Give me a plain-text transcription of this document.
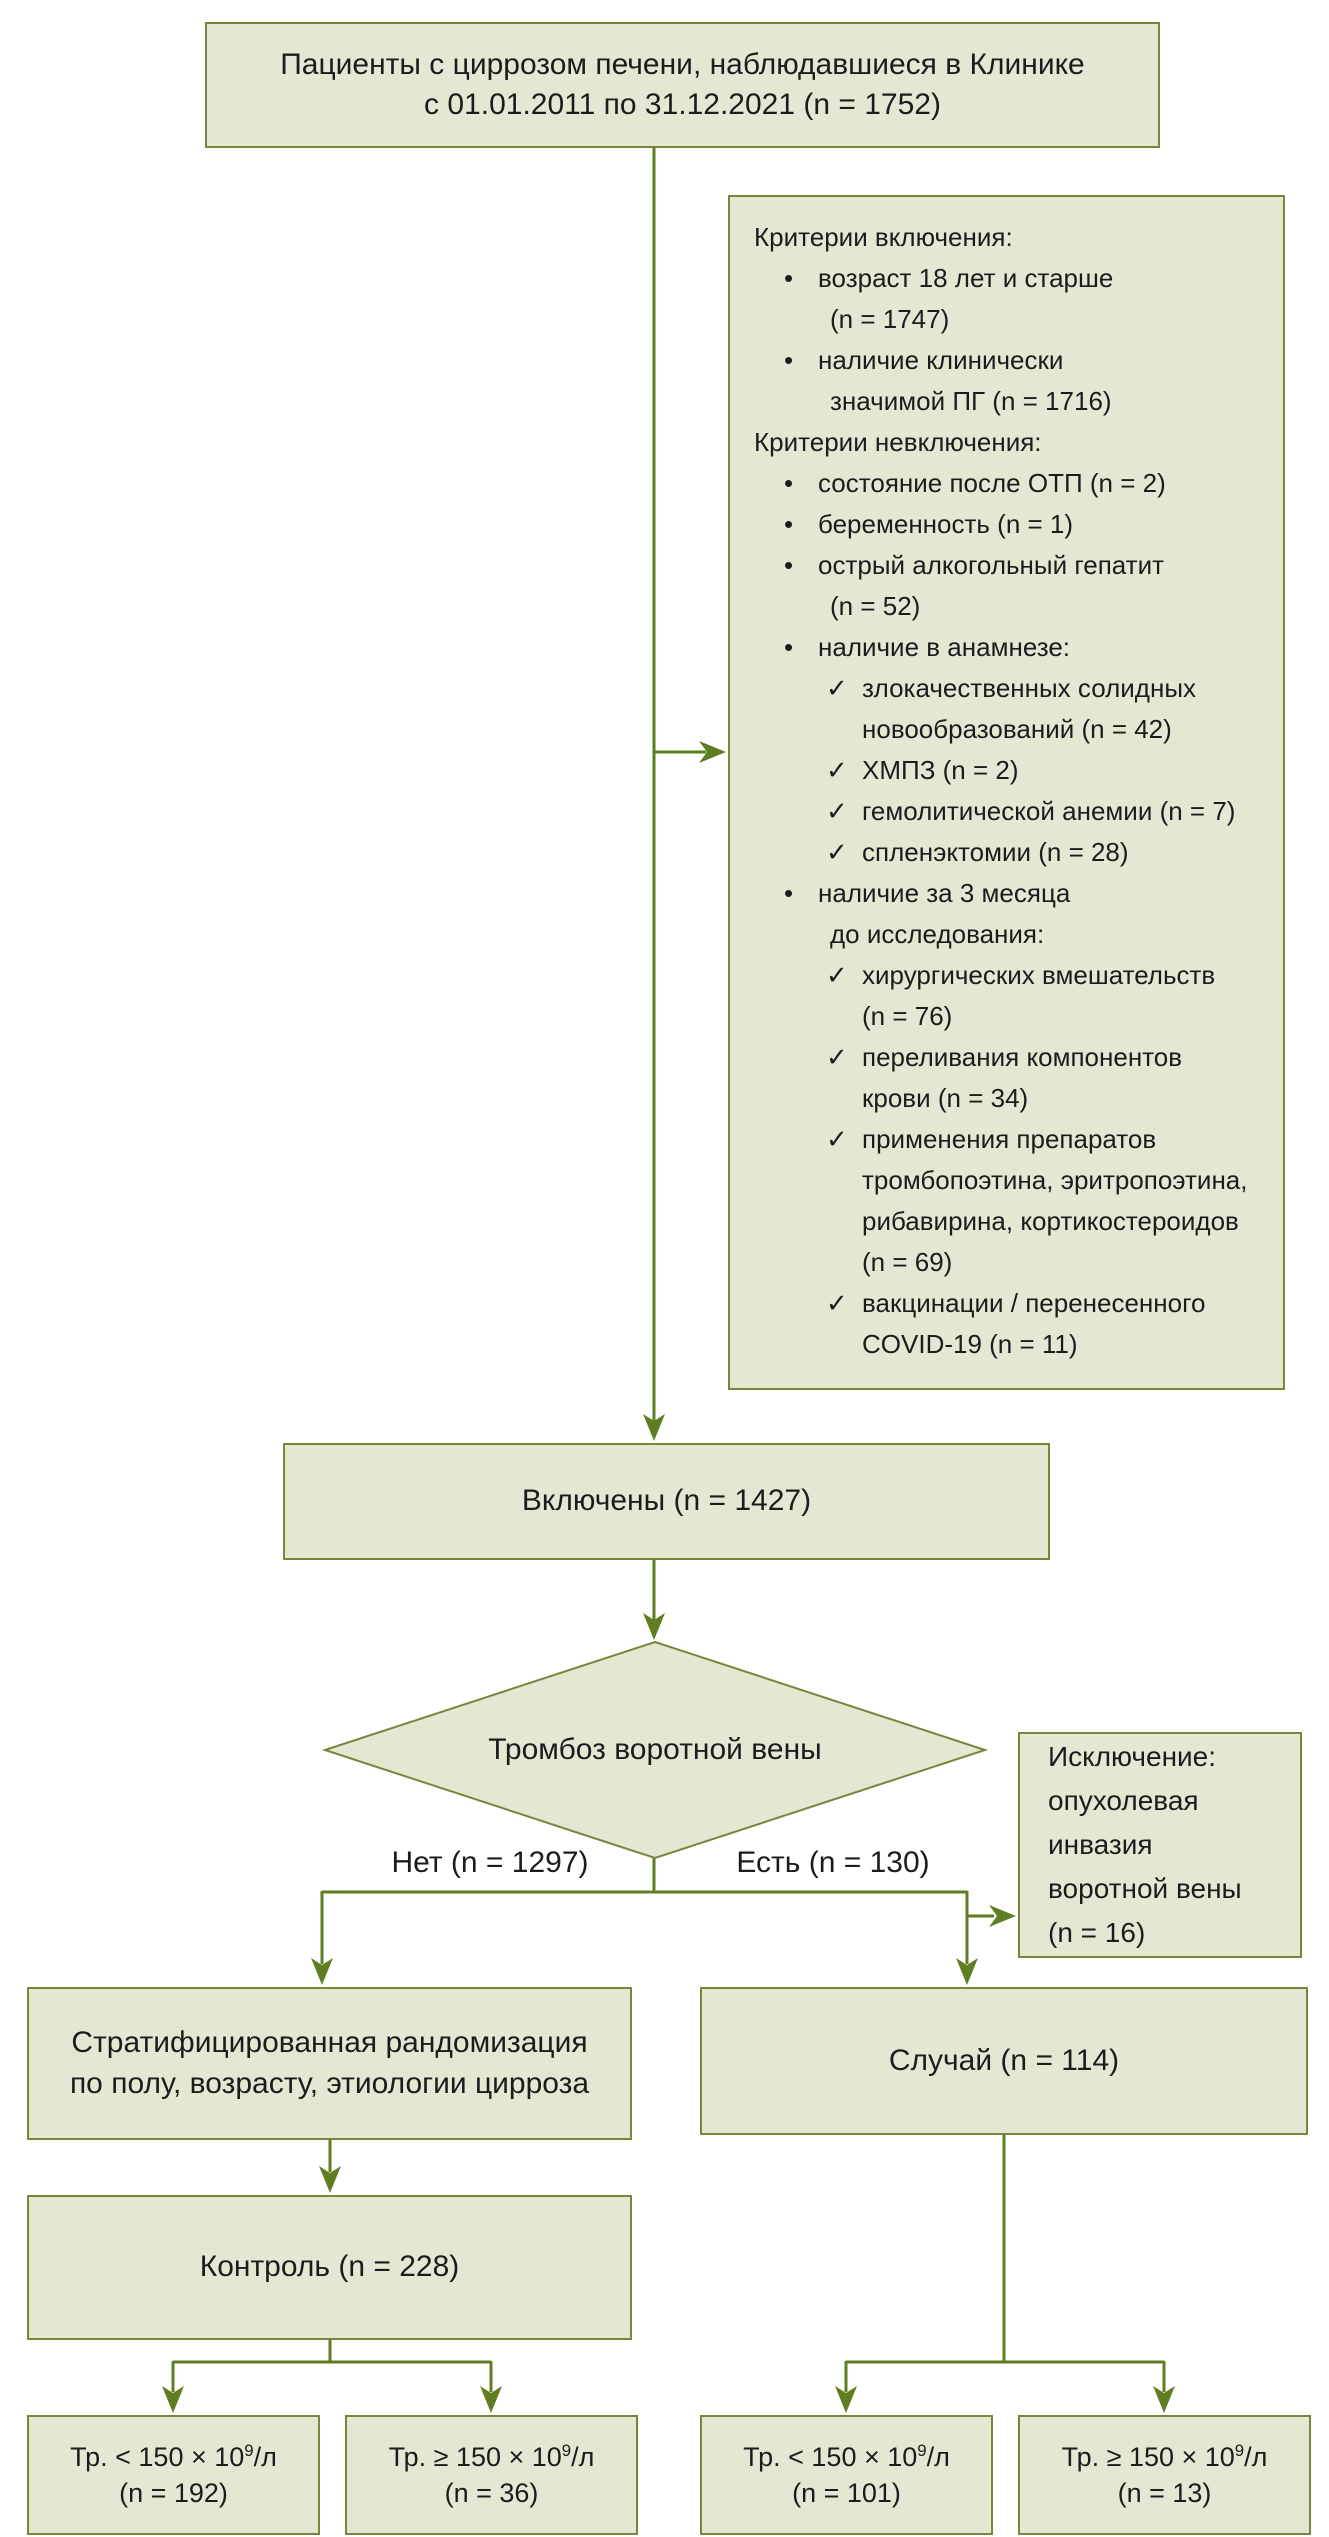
Пациенты с циррозом печени, наблюдавшиеся в Клинике
с 01.01.2011 по 31.12.2021 (n = 1752)
Критерии включения:
• возраст 18 лет и старше
(n = 1747)
• наличие клинически
значимой ПГ (n = 1716)
Критерии невключения:
• состояние после ОТП (n = 2)
• беременность (n = 1)
• острый алкогольный гепатит
(n = 52)
• наличие в анамнезе:
✓ злокачественных солидных
новообразований (n = 42)
✓ ХМПЗ (n = 2)
✓ гемолитической анемии (n = 7)
✓ спленэктомии (n = 28)
• наличие за 3 месяца
до исследования:
✓ хирургических вмешательств
(n = 76)
✓ переливания компонентов
крови (n = 34)
✓ применения препаратов
тромбопоэтина, эритропоэтина,
рибавирина, кортикостероидов
(n = 69)
✓ вакцинации / перенесенного
COVID-19 (n = 11)
Включены (n = 1427)
Тромбоз воротной вены
Нет (n = 1297)	Есть (n = 130)
Исключение:
опухолевая
инвазия
воротной вены
(n = 16)
Стратифицированная рандомизация
по полу, возрасту, этиологии цирроза
Случай (n = 114)
Контроль (n = 228)
Тр. < $150 \times 10^9/л$
(n = 192)
Тр. ≥ $150 \times 10^9/л$
(n = 36)
Тр. < $150 \times 10^9/л$
(n = 101)
Тр. ≥ $150 \times 10^9/л$
(n = 13)
